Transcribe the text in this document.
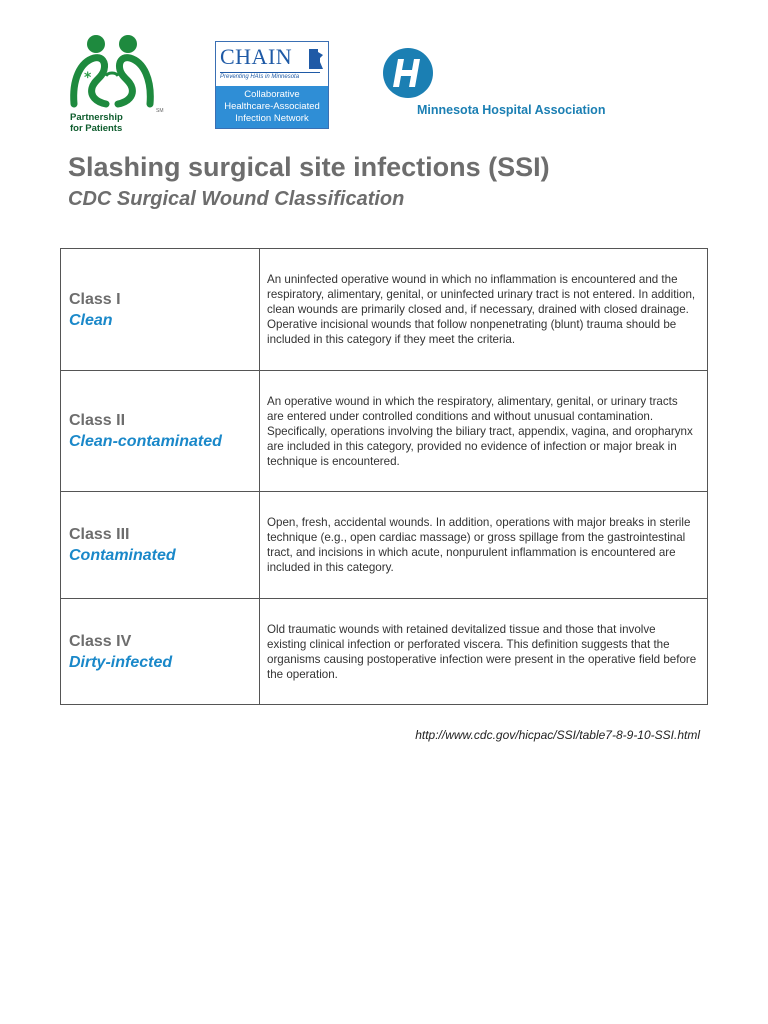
*
SM
Partnership
for Patients
CHAIN
Preventing HAIs in Minnesota
Collaborative
Healthcare-Associated
Infection Network
Minnesota Hospital Association
Slashing surgical site infections (SSI)
CDC Surgical Wound Classification
Class I
Clean	An uninfected operative wound in which no inflammation is encountered and the respiratory, alimentary, genital, or uninfected urinary tract is not entered. In addition, clean wounds are primarily closed and, if necessary, drained with closed drainage. Operative incisional wounds that follow nonpenetrating (blunt) trauma should be included in this category if they meet the criteria.

Class II
Clean-contaminated	An operative wound in which the respiratory, alimentary, genital, or urinary tracts are entered under controlled conditions and without unusual contamination. Specifically, operations involving the biliary tract, appendix, vagina, and oropharynx are included in this category, provided no evidence of infection or major break in technique is encountered.

Class III
Contaminated	Open, fresh, accidental wounds. In addition, operations with major breaks in sterile technique (e.g., open cardiac massage) or gross spillage from the gastrointestinal tract, and incisions in which acute, nonpurulent inflammation is encountered are included in this category.

Class IV
Dirty-infected	Old traumatic wounds with retained devitalized tissue and those that involve existing clinical infection or perforated viscera. This definition suggests that the organisms causing postoperative infection were present in the operative field before the operation.
http://www.cdc.gov/hicpac/SSI/table7-8-9-10-SSI.html
